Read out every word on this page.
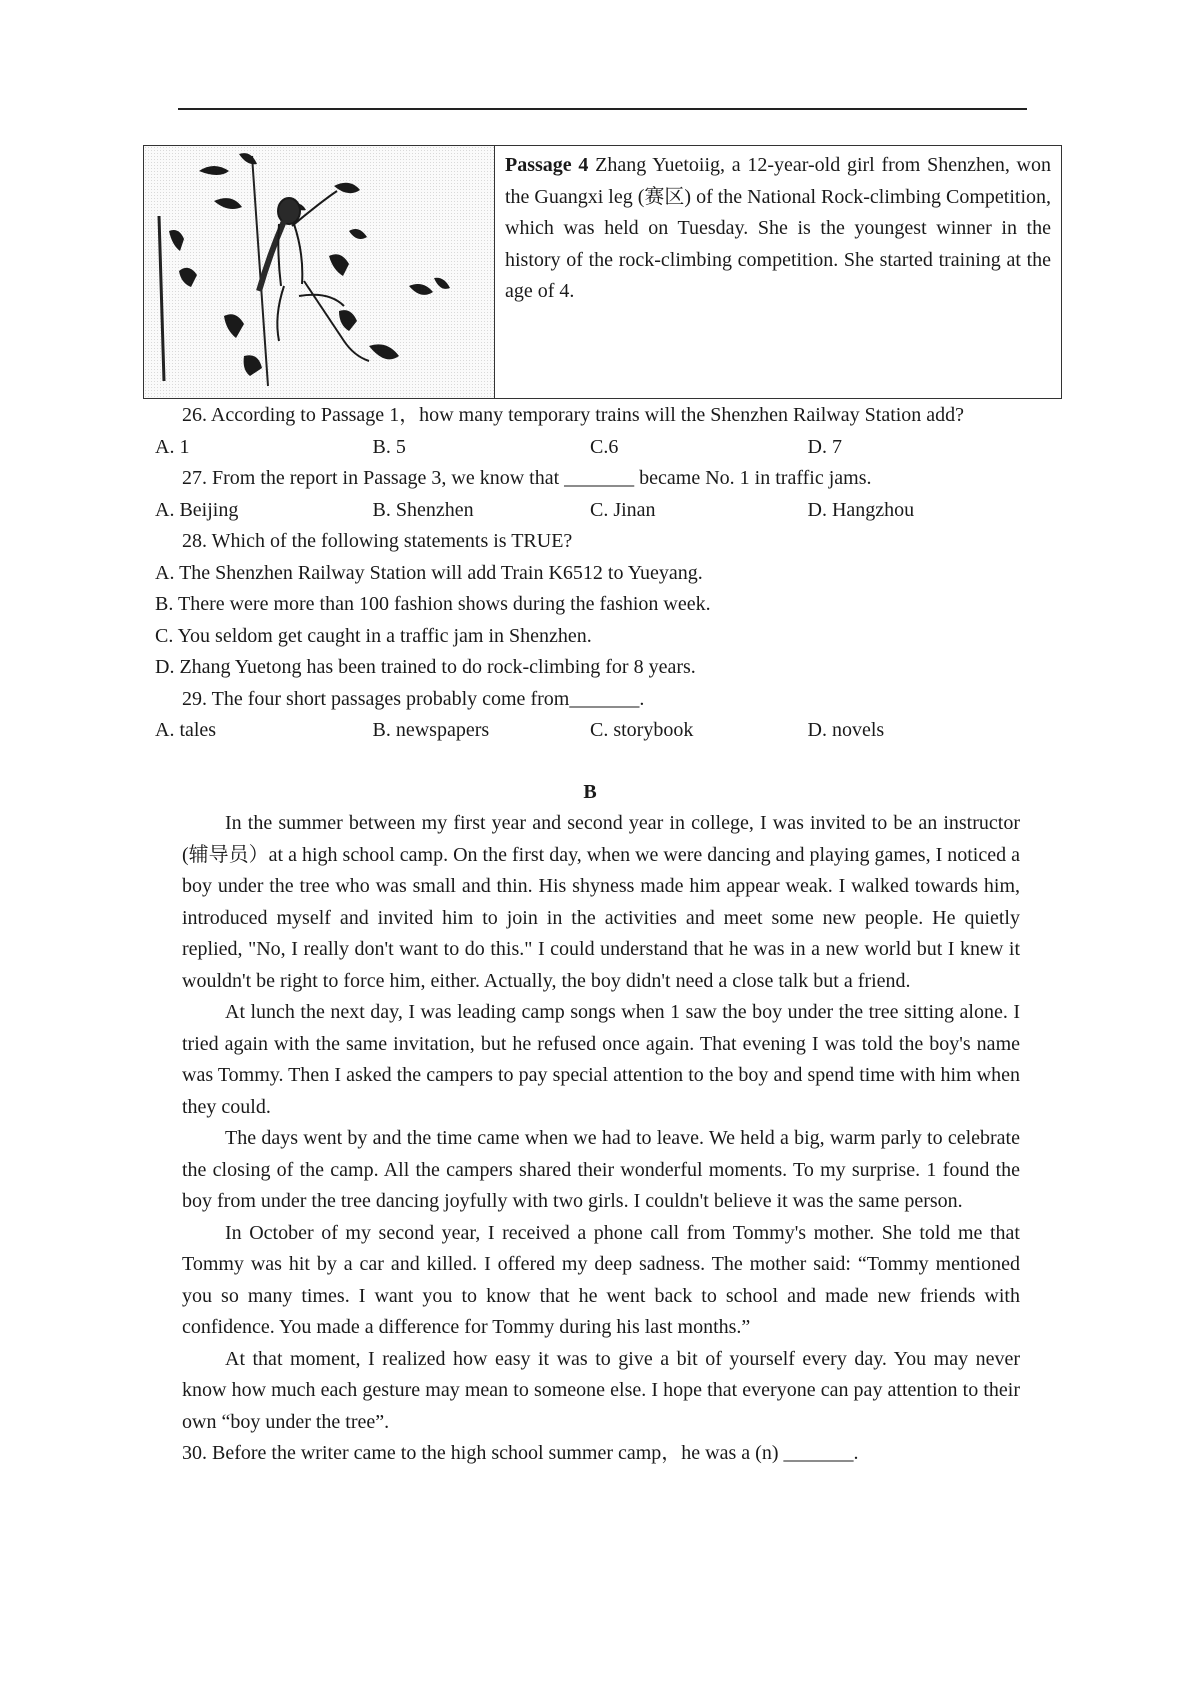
Passage 4 Zhang Yuetoiig, a 12-year-old girl from Shenzhen, won the Guangxi leg (赛区) of the National Rock-climbing Competition, which was held on Tuesday. She is the youngest winner in the history of the rock-climbing competition. She started training at the age of 4.

26. According to Passage 1，how many temporary trains will the Shenzhen Railway Station add?

A. 1	B. 5	C.6	D. 7

27. From the report in Passage 3, we know that _______ became No. 1 in traffic jams.

A. Beijing	B. Shenzhen	C. Jinan	D. Hangzhou

28. Which of the following statements is TRUE?

A. The Shenzhen Railway Station will add Train K6512 to Yueyang.

B. There were more than 100 fashion shows during the fashion week.

C. You seldom get caught in a traffic jam in Shenzhen.

D. Zhang Yuetong has been trained to do rock-climbing for 8 years.

29. The four short passages probably come from_______.

A. tales	B. newspapers	C. storybook	D. novels

B

In the summer between my first year and second year in college, I was invited to be an instructor (辅导员）at a high school camp. On the first day, when we were dancing and playing games, I noticed a boy under the tree who was small and thin. His shyness made him appear weak. I walked towards him, introduced myself and invited him to join in the activities and meet some new people. He quietly replied, "No, I really don't want to do this." I could understand that he was in a new world but I knew it wouldn't be right to force him, either. Actually, the boy didn't need a close talk but a friend.

At lunch the next day, I was leading camp songs when 1 saw the boy under the tree sitting alone. I tried again with the same invitation, but he refused once again. That evening I was told the boy's name was Tommy. Then I asked the campers to pay special attention to the boy and spend time with him when they could.

The days went by and the time came when we had to leave. We held a big, warm parly to celebrate the closing of the camp. All the campers shared their wonderful moments. To my surprise. 1 found the boy from under the tree dancing joyfully with two girls. I couldn't believe it was the same person.

In October of my second year, I received a phone call from Tommy's mother. She told me that Tommy was hit by a car and killed. I offered my deep sadness. The mother said: “Tommy mentioned you so many times. I want you to know that he went back to school and made new friends with confidence. You made a difference for Tommy during his last months.”

At that moment, I realized how easy it was to give a bit of yourself every day. You may never know how much each gesture may mean to someone else. I hope that everyone can pay attention to their own “boy under the tree”.

30. Before the writer came to the high school summer camp，he was a (n) _______.
